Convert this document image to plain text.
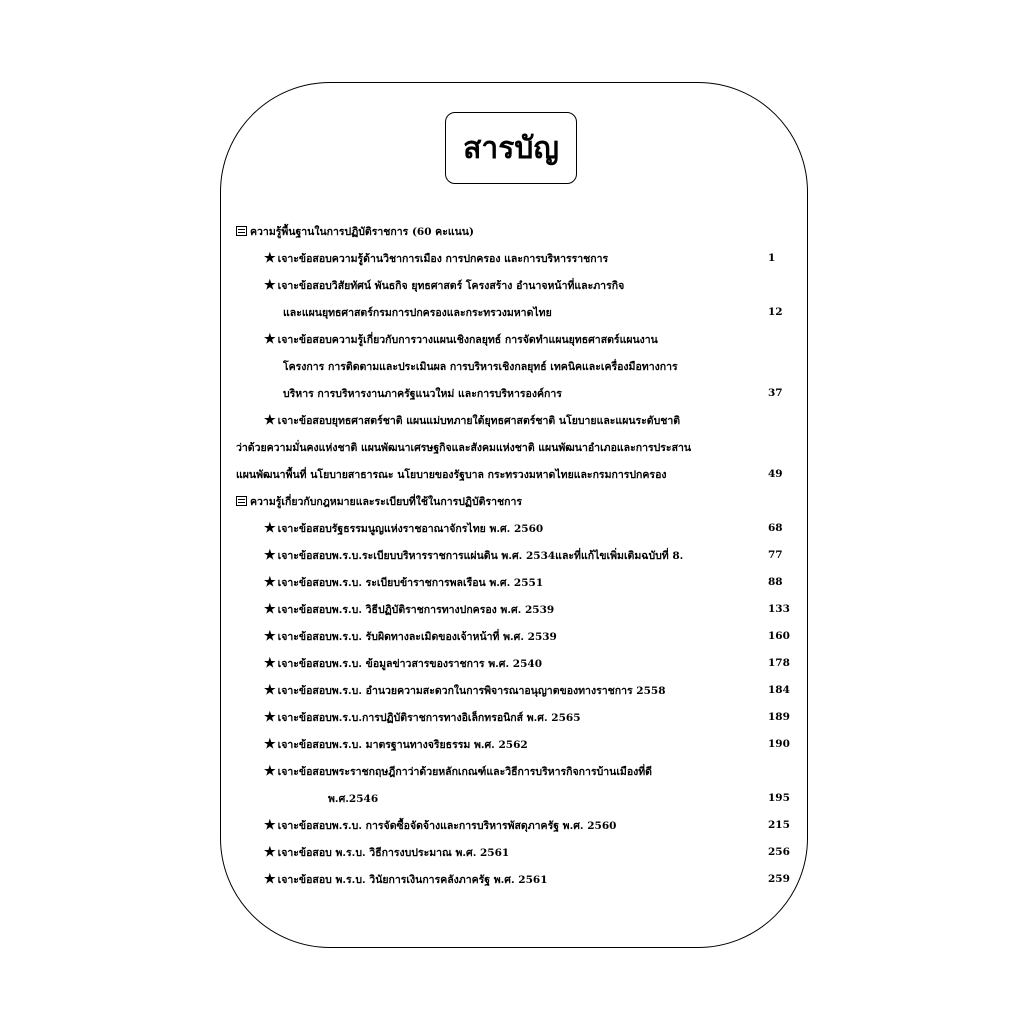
สารบัญ
ความรู้พื้นฐานในการปฏิบัติราชการ (60 คะแนน)
★ เจาะข้อสอบความรู้ด้านวิชาการเมือง การปกครอง และการบริหารราชการ	1
★ เจาะข้อสอบวิสัยทัศน์ พันธกิจ ยุทธศาสตร์ โครงสร้าง อำนาจหน้าที่และภารกิจ
และแผนยุทธศาสตร์กรมการปกครองและกระทรวงมหาดไทย	12
★ เจาะข้อสอบความรู้เกี่ยวกับการวางแผนเชิงกลยุทธ์ การจัดทำแผนยุทธศาสตร์แผนงาน
โครงการ การติดตามและประเมินผล การบริหารเชิงกลยุทธ์ เทคนิคและเครื่องมือทางการ
บริหาร การบริหารงานภาครัฐแนวใหม่ และการบริหารองค์การ	37
★ เจาะข้อสอบยุทธศาสตร์ชาติ แผนแม่บทภายใต้ยุทธศาสตร์ชาติ นโยบายและแผนระดับชาติ
ว่าด้วยความมั่นคงแห่งชาติ แผนพัฒนาเศรษฐกิจและสังคมแห่งชาติ แผนพัฒนาอำเภอและการประสาน
แผนพัฒนาพื้นที่ นโยบายสาธารณะ นโยบายของรัฐบาล กระทรวงมหาดไทยและกรมการปกครอง	49
ความรู้เกี่ยวกับกฎหมายและระเบียบที่ใช้ในการปฏิบัติราชการ
★ เจาะข้อสอบรัฐธรรมนูญแห่งราชอาณาจักรไทย พ.ศ. 2560	68
★ เจาะข้อสอบพ.ร.บ.ระเบียบบริหารราชการแผ่นดิน พ.ศ. 2534และที่แก้ไขเพิ่มเติมฉบับที่ 8.	77
★ เจาะข้อสอบพ.ร.บ. ระเบียบข้าราชการพลเรือน พ.ศ. 2551	88
★ เจาะข้อสอบพ.ร.บ. วิธีปฏิบัติราชการทางปกครอง พ.ศ. 2539	133
★ เจาะข้อสอบพ.ร.บ. รับผิดทางละเมิดของเจ้าหน้าที่ พ.ศ. 2539	160
★ เจาะข้อสอบพ.ร.บ. ข้อมูลข่าวสารของราชการ พ.ศ. 2540	178
★ เจาะข้อสอบพ.ร.บ. อำนวยความสะดวกในการพิจารณาอนุญาตของทางราชการ 2558	184
★ เจาะข้อสอบพ.ร.บ.การปฏิบัติราชการทางอิเล็กทรอนิกส์ พ.ศ. 2565	189
★ เจาะข้อสอบพ.ร.บ. มาตรฐานทางจริยธรรม พ.ศ. 2562	190
★ เจาะข้อสอบพระราชกฤษฎีกาว่าด้วยหลักเกณฑ์และวิธีการบริหารกิจการบ้านเมืองที่ดี
พ.ศ.2546	195
★ เจาะข้อสอบพ.ร.บ. การจัดซื้อจัดจ้างและการบริหารพัสดุภาครัฐ พ.ศ. 2560	215
★ เจาะข้อสอบ พ.ร.บ. วิธีการงบประมาณ พ.ศ. 2561	256
★ เจาะข้อสอบ พ.ร.บ. วินัยการเงินการคลังภาครัฐ พ.ศ. 2561	259
